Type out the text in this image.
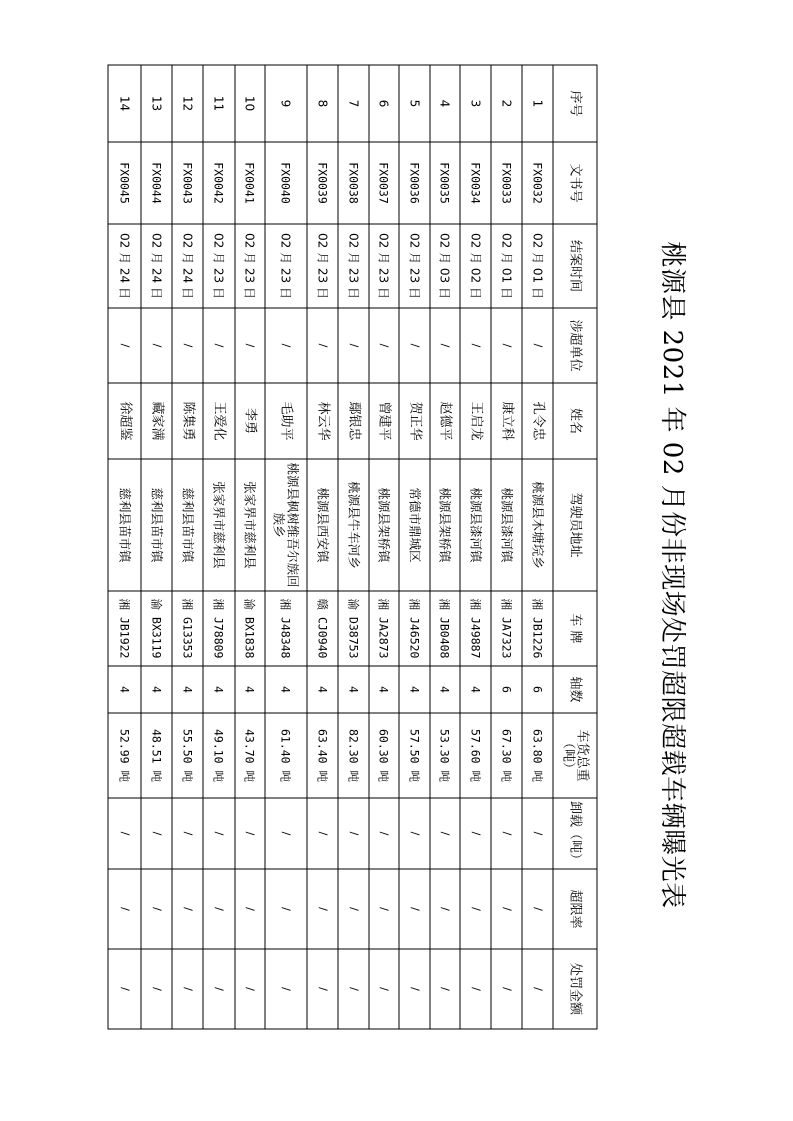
桃源县 2021 年 02 月份非现场处罚超限超载车辆曝光表
序号	文书号	结案时间	涉超单位	姓名	驾驶员地址	车 牌	轴数	车货总重（吨）	卸载（吨）	超限率	处罚金额
1	FX0032	02 月 01 日	/	孔令忠	桃源县木塘垸乡	湘 JB1226	6	63.80 吨	/	/	/
2	FX0033	02 月 01 日	/	康立科	桃源县漆河镇	湘 JA7323	6	67.30 吨	/	/	/
3	FX0034	02 月 02 日	/	王启龙	桃源县漆河镇	湘 J49887	4	57.60 吨	/	/	/
4	FX0035	02 月 03 日	/	赵德平	桃源县架桥镇	湘 JB0408	4	53.30 吨	/	/	/
5	FX0036	02 月 23 日	/	贺正华	常德市鼎城区	湘 J46520	4	57.50 吨	/	/	/
6	FX0037	02 月 23 日	/	曾建平	桃源县架桥镇	湘 JA2873	4	60.30 吨	/	/	/
7	FX0038	02 月 23 日	/	鄢银忠	桃源县牛车河乡	渝 D38753	4	82.30 吨	/	/	/
8	FX0039	02 月 23 日	/	林云华	桃源县西安镇	赣 CJ0940	4	63.40 吨	/	/	/
9	FX0040	02 月 23 日	/	毛助平	桃源县枫树维吾尔族回族乡	湘 J48348	4	61.40 吨	/	/	/
10	FX0041	02 月 23 日	/	李勇	张家界市慈利县	渝 BX1838	4	43.70 吨	/	/	/
11	FX0042	02 月 23 日	/	王爱化	张家界市慈利县	湘 J78809	4	49.10 吨	/	/	/
12	FX0043	02 月 24 日	/	陈集勇	慈利县苗市镇	湘 G13353	4	55.50 吨	/	/	/
13	FX0044	02 月 24 日	/	藏家满	慈利县苗市镇	渝 BX3119	4	48.51 吨	/	/	/
14	FX0045	02 月 24 日	/	徐超鉴	慈利县苗市镇	湘 JB1922	4	52.99 吨	/	/	/
